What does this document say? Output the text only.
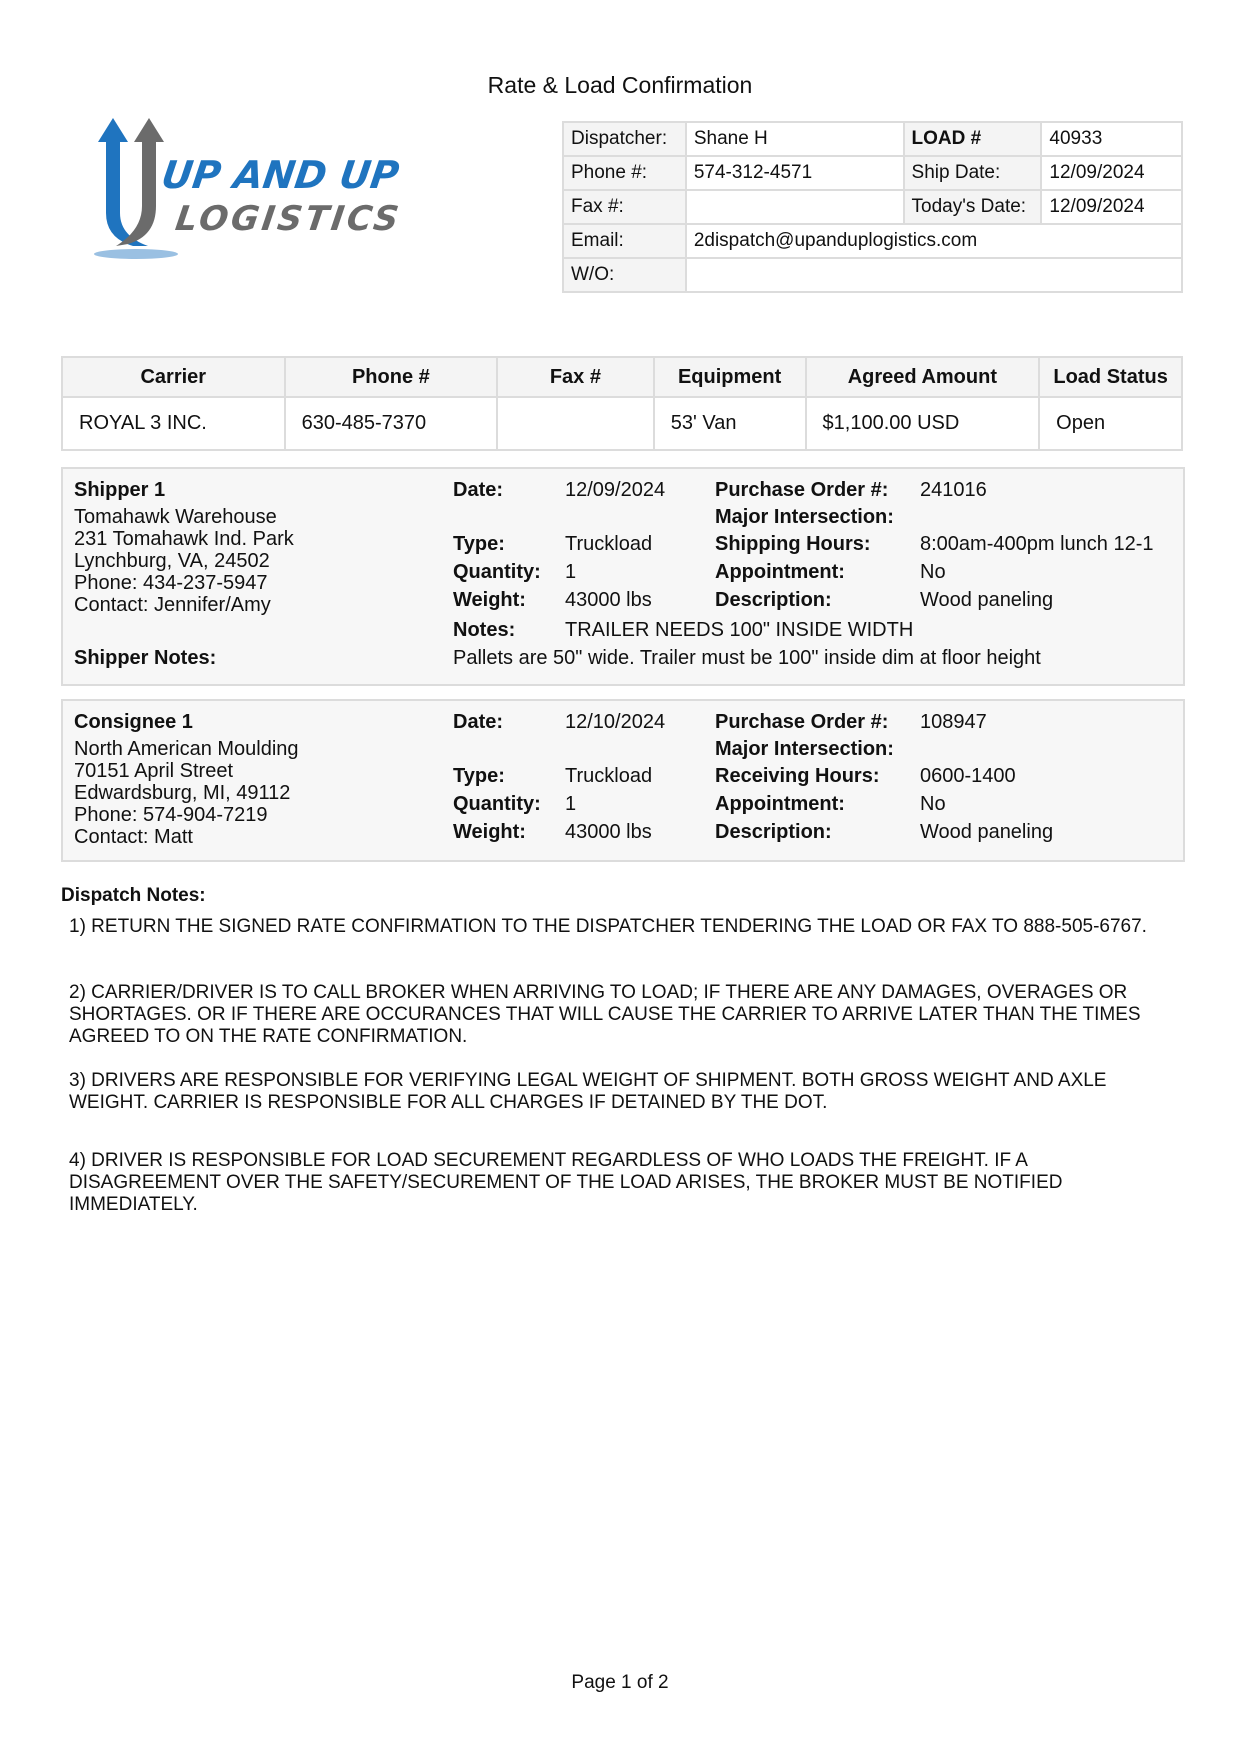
Rate & Load Confirmation
UP AND UP
LOGISTICS
Dispatcher:	Shane H	LOAD #	40933
Phone #:	574-312-4571	Ship Date:	12/09/2024
Fax #:		Today's Date:	12/09/2024
Email:	2dispatch@upanduplogistics.com		
W/O:			
Carrier	Phone #	Fax #	Equipment	Agreed Amount	Load Status
ROYAL 3 INC.	630-485-7370		53' Van	$1,100.00 USD	Open
Shipper 1
Tomahawk Warehouse
231 Tomahawk Ind. Park
Lynchburg, VA, 24502
Phone: 434-237-5947
Contact: Jennifer/Amy
Date:	12/09/2024
Type:	Truckload
Quantity: 1
Weight: 43000 lbs
Purchase Order #: 241016
Major Intersection:
Shipping Hours: 8:00am-400pm lunch 12-1
Appointment:	No
Description:	Wood paneling
Notes: TRAILER NEEDS 100" INSIDE WIDTH
Shipper Notes:	Pallets are 50" wide. Trailer must be 100" inside dim at floor height
Consignee 1
North American Moulding
70151 April Street
Edwardsburg, MI, 49112
Phone: 574-904-7219
Contact: Matt
Date:	12/10/2024
Type:	Truckload
Quantity: 1
Weight: 43000 lbs
Purchase Order #: 108947
Major Intersection:
Receiving Hours: 0600-1400
Appointment:	No
Description:	Wood paneling
Dispatch Notes:
1) RETURN THE SIGNED RATE CONFIRMATION TO THE DISPATCHER TENDERING THE LOAD OR FAX TO 888-505-6767.
2) CARRIER/DRIVER IS TO CALL BROKER WHEN ARRIVING TO LOAD; IF THERE ARE ANY DAMAGES, OVERAGES OR SHORTAGES. OR IF THERE ARE OCCURANCES THAT WILL CAUSE THE CARRIER TO ARRIVE LATER THAN THE TIMES AGREED TO ON THE RATE CONFIRMATION.
3) DRIVERS ARE RESPONSIBLE FOR VERIFYING LEGAL WEIGHT OF SHIPMENT. BOTH GROSS WEIGHT AND AXLE WEIGHT. CARRIER IS RESPONSIBLE FOR ALL CHARGES IF DETAINED BY THE DOT.
4) DRIVER IS RESPONSIBLE FOR LOAD SECUREMENT REGARDLESS OF WHO LOADS THE FREIGHT. IF A DISAGREEMENT OVER THE SAFETY/SECUREMENT OF THE LOAD ARISES, THE BROKER MUST BE NOTIFIED IMMEDIATELY.
Page 1 of 2
